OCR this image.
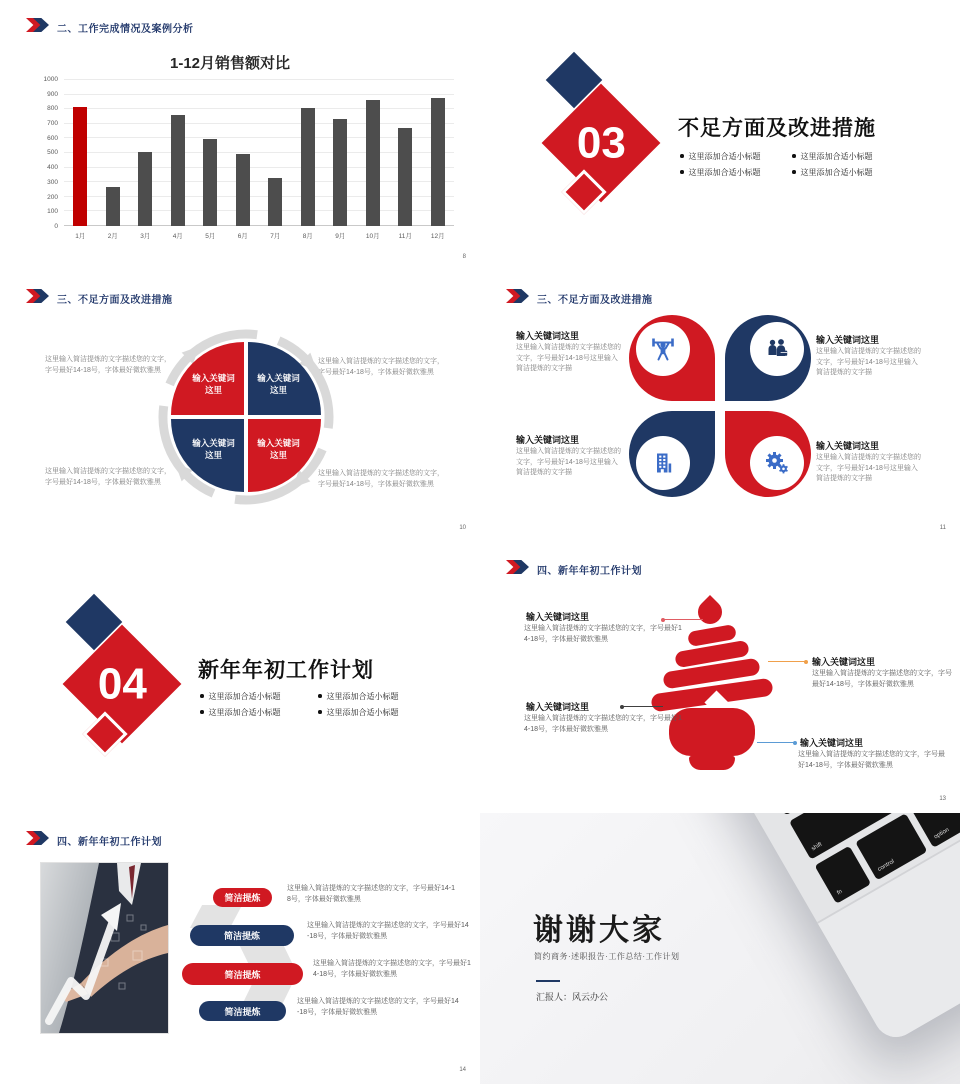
二、工作完成情况及案例分析
1-12月销售额对比
1000
900
800
700
600
500
400
300
200
100
0
1月	2月	3月	4月	5月	6月	7月	8月	9月	10月	11月	12月
8
03	不足方面及改进措施
这里添加合适小标题	这里添加合适小标题
这里添加合适小标题	这里添加合适小标题
三、不足方面及改进措施
输入关键词
这里
输入关键词
这里
输入关键词
这里
输入关键词
这里
这里输入简洁提炼的文字描述您的文字，
字号最好14-18号，字体最好微软雅黑
这里输入简洁提炼的文字描述您的文字，
字号最好14-18号，字体最好微软雅黑
这里输入简洁提炼的文字描述您的文字，
字号最好14-18号，字体最好微软雅黑
这里输入简洁提炼的文字描述您的文字，
字号最好14-18号，字体最好微软雅黑
10
三、不足方面及改进措施
输入关键词这里
这里输入简洁提炼的文字描述您的文字，字号最好14-18号这里输入简洁提炼的文字描
输入关键词这里
这里输入简洁提炼的文字描述您的文字，字号最好14-18号这里输入简洁提炼的文字描
输入关键词这里
这里输入简洁提炼的文字描述您的文字，字号最好14-18号这里输入简洁提炼的文字描
输入关键词这里
这里输入简洁提炼的文字描述您的文字，字号最好14-18号这里输入简洁提炼的文字描
11
04 新年年初工作计划
这里添加合适小标题	这里添加合适小标题
这里添加合适小标题	这里添加合适小标题
四、新年年初工作计划
输入关键词这里
这里输入简洁提炼的文字描述您的文字，字号最好14-18号，字体最好微软雅黑
输入关键词这里
这里输入简洁提炼的文字描述您的文字，字号最好14-18号，字体最好微软雅黑
输入关键词这里
这里输入简洁提炼的文字描述您的文字，字号最好14-18号，字体最好微软雅黑
输入关键词这里
这里输入简洁提炼的文字描述您的文字，字号最好14-18号，字体最好微软雅黑
13
四、新年年初工作计划
简洁提炼
简洁提炼
简洁提炼
简洁提炼
这里输入简洁提炼的文字描述您的文字，字号最好14-18号，字体最好微软雅黑
这里输入简洁提炼的文字描述您的文字，字号最好14-18号，字体最好微软雅黑
这里输入简洁提炼的文字描述您的文字，字号最好14-18号，字体最好微软雅黑
这里输入简洁提炼的文字描述您的文字，字号最好14-18号，字体最好微软雅黑
14
shift
fn
control
option
谢谢大家
简约商务·述职报告·工作总结·工作计划
汇报人：风云办公
